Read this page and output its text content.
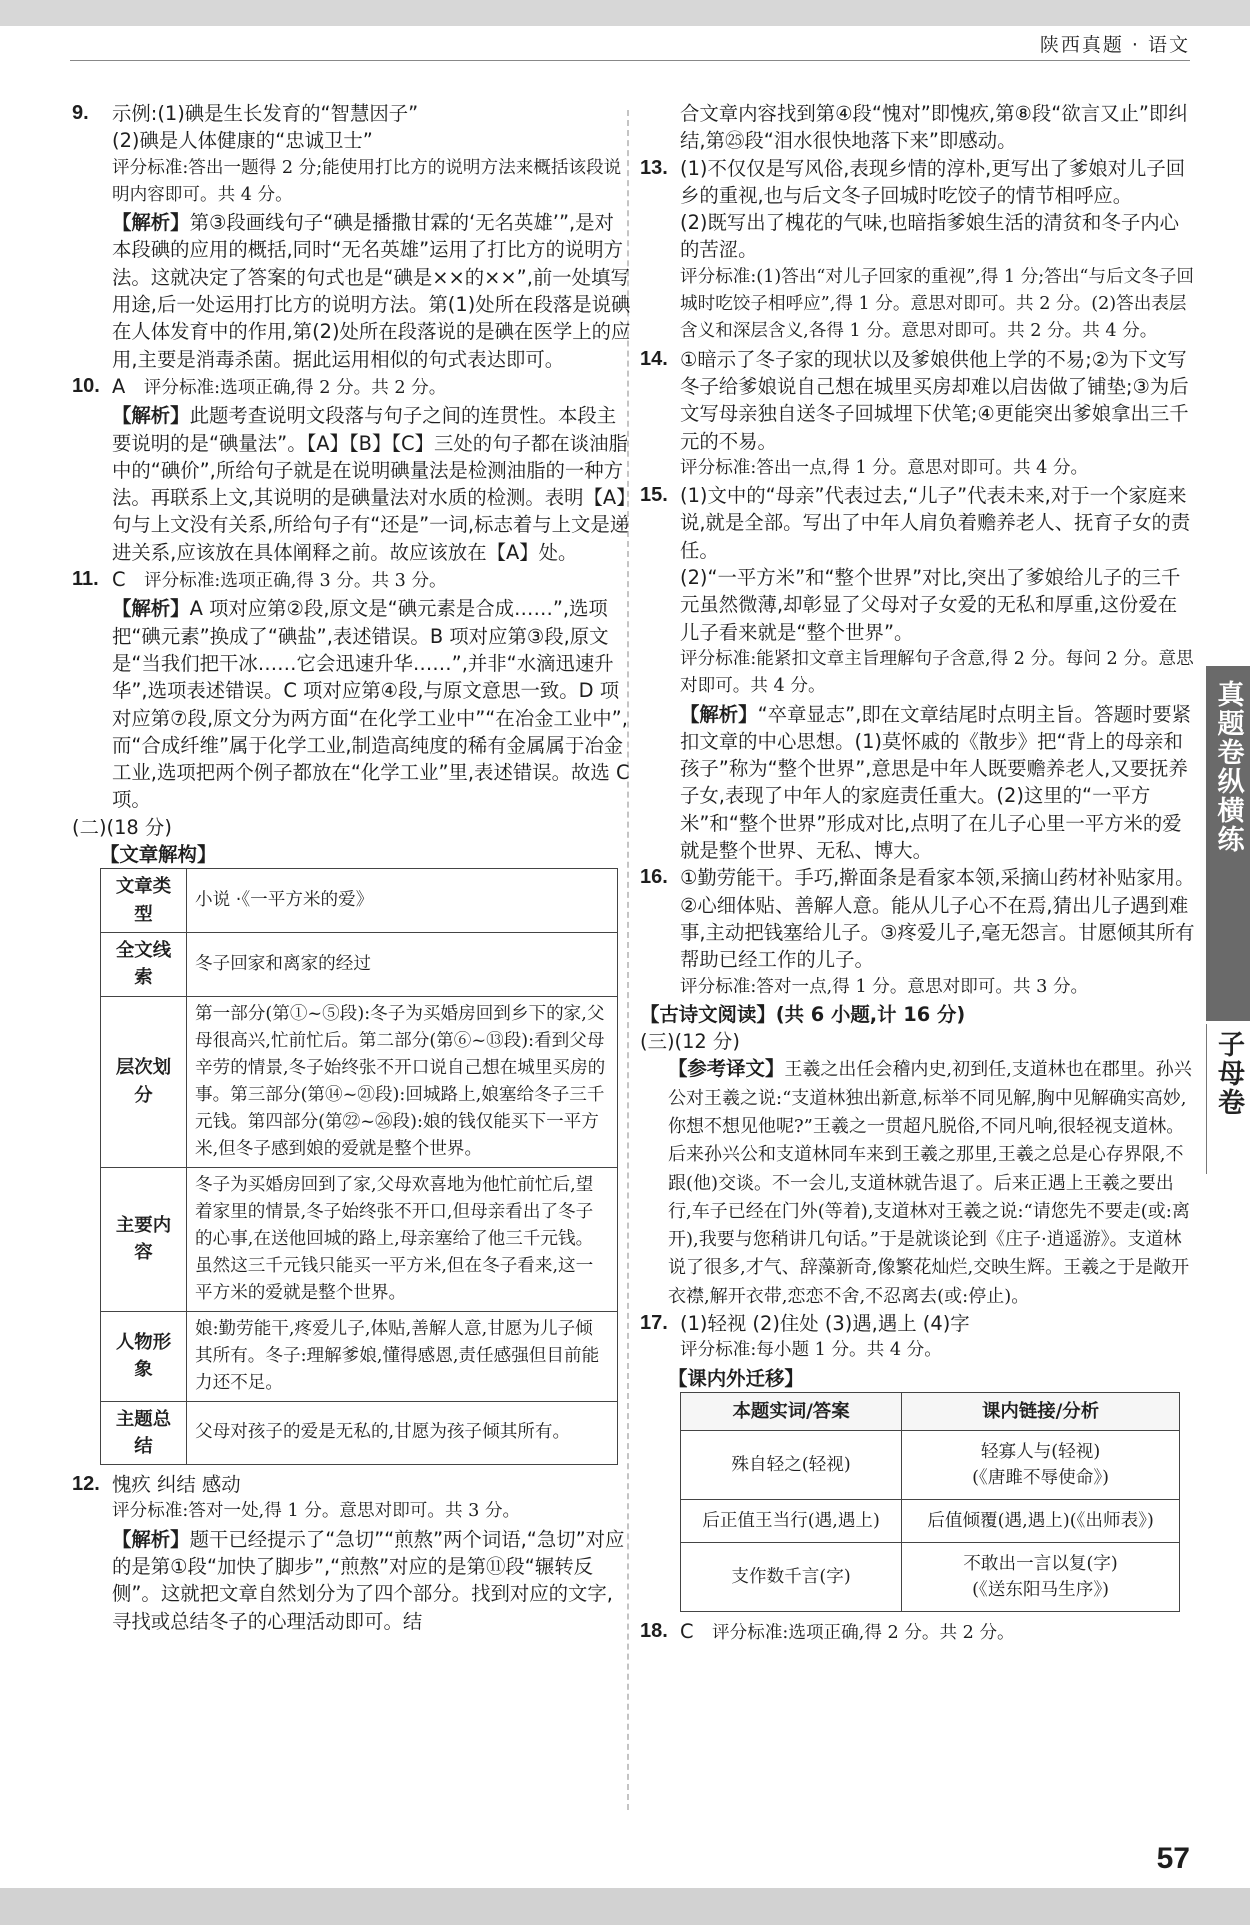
陕西真题 · 语文
9. 示例:(1)碘是生长发育的“智慧因子”

(2)碘是人体健康的“忠诚卫士”

评分标准:答出一题得 2 分;能使用打比方的说明方法来概括该段说明内容即可。共 4 分。

【解析】第③段画线句子“碘是播撒甘霖的‘无名英雄’”,是对本段碘的应用的概括,同时“无名英雄”运用了打比方的说明方法。这就决定了答案的句式也是“碘是××的××”,前一处填写用途,后一处运用打比方的说明方法。第(1)处所在段落是说碘在人体发育中的作用,第(2)处所在段落说的是碘在医学上的应用,主要是消毒杀菌。据此运用相似的句式表达即可。

10. A 评分标准:选项正确,得 2 分。共 2 分。

【解析】此题考查说明文段落与句子之间的连贯性。本段主要说明的是“碘量法”。【A】【B】【C】三处的句子都在谈油脂中的“碘价”,所给句子就是在说明碘量法是检测油脂的一种方法。再联系上文,其说明的是碘量法对水质的检测。表明【A】句与上文没有关系,所给句子有“还是”一词,标志着与上文是递进关系,应该放在具体阐释之前。故应该放在【A】处。

11. C 评分标准:选项正确,得 3 分。共 3 分。

【解析】A 项对应第②段,原文是“碘元素是合成……”,选项把“碘元素”换成了“碘盐”,表述错误。B 项对应第③段,原文是“当我们把干冰……它会迅速升华……”,并非“水滴迅速升华”,选项表述错误。C 项对应第④段,与原文意思一致。D 项对应第⑦段,原文分为两方面“在化学工业中”“在冶金工业中”,而“合成纤维”属于化学工业,制造高纯度的稀有金属属于冶金工业,选项把两个例子都放在“化学工业”里,表述错误。故选 C 项。

(二)(18 分)

【文章解构】

文章类型	小说 ·《一平方米的爱》
全文线索	冬子回家和离家的经过
层次划分	第一部分(第①~⑤段):冬子为买婚房回到乡下的家,父母很高兴,忙前忙后。第二部分(第⑥~⑬段):看到父母辛劳的情景,冬子始终张不开口说自己想在城里买房的事。第三部分(第⑭~㉑段):回城路上,娘塞给冬子三千元钱。第四部分(第㉒~㉖段):娘的钱仅能买下一平方米,但冬子感到娘的爱就是整个世界。
主要内容	冬子为买婚房回到了家,父母欢喜地为他忙前忙后,望着家里的情景,冬子始终张不开口,但母亲看出了冬子的心事,在送他回城的路上,母亲塞给了他三千元钱。虽然这三千元钱只能买一平方米,但在冬子看来,这一平方米的爱就是整个世界。
人物形象	娘:勤劳能干,疼爱儿子,体贴,善解人意,甘愿为儿子倾其所有。冬子:理解爹娘,懂得感恩,责任感强但目前能力还不足。
主题总结	父母对孩子的爱是无私的,甘愿为孩子倾其所有。
12. 愧疚 纠结 感动

评分标准:答对一处,得 1 分。意思对即可。共 3 分。

【解析】题干已经提示了“急切”“煎熬”两个词语,“急切”对应的是第①段“加快了脚步”,“煎熬”对应的是第⑪段“辗转反侧”。这就把文章自然划分为了四个部分。找到对应的文字,寻找或总结冬子的心理活动即可。结

合文章内容找到第④段“愧对”即愧疚,第⑧段“欲言又止”即纠结,第㉕段“泪水很快地落下来”即感动。

13. (1)不仅仅是写风俗,表现乡情的淳朴,更写出了爹娘对儿子回乡的重视,也与后文冬子回城时吃饺子的情节相呼应。

(2)既写出了槐花的气味,也暗指爹娘生活的清贫和冬子内心的苦涩。

评分标准:(1)答出“对儿子回家的重视”,得 1 分;答出“与后文冬子回城时吃饺子相呼应”,得 1 分。意思对即可。共 2 分。(2)答出表层含义和深层含义,各得 1 分。意思对即可。共 2 分。共 4 分。

14. ①暗示了冬子家的现状以及爹娘供他上学的不易;②为下文写冬子给爹娘说自己想在城里买房却难以启齿做了铺垫;③为后文写母亲独自送冬子回城埋下伏笔;④更能突出爹娘拿出三千元的不易。

评分标准:答出一点,得 1 分。意思对即可。共 4 分。

15. (1)文中的“母亲”代表过去,“儿子”代表未来,对于一个家庭来说,就是全部。写出了中年人肩负着赡养老人、抚育子女的责任。

(2)“一平方米”和“整个世界”对比,突出了爹娘给儿子的三千元虽然微薄,却彰显了父母对子女爱的无私和厚重,这份爱在儿子看来就是“整个世界”。

评分标准:能紧扣文章主旨理解句子含意,得 2 分。每问 2 分。意思对即可。共 4 分。

【解析】“卒章显志”,即在文章结尾时点明主旨。答题时要紧扣文章的中心思想。(1)莫怀戚的《散步》把“背上的母亲和孩子”称为“整个世界”,意思是中年人既要赡养老人,又要抚养子女,表现了中年人的家庭责任重大。(2)这里的“一平方米”和“整个世界”形成对比,点明了在儿子心里一平方米的爱就是整个世界、无私、博大。

16. ①勤劳能干。手巧,擀面条是看家本领,采摘山药材补贴家用。②心细体贴、善解人意。能从儿子心不在焉,猜出儿子遇到难事,主动把钱塞给儿子。③疼爱儿子,毫无怨言。甘愿倾其所有帮助已经工作的儿子。

评分标准:答对一点,得 1 分。意思对即可。共 3 分。

【古诗文阅读】(共 6 小题,计 16 分)

(三)(12 分)

【参考译文】王羲之出任会稽内史,初到任,支道林也在郡里。孙兴公对王羲之说:“支道林独出新意,标举不同见解,胸中见解确实高妙,你想不想见他呢?”王羲之一贯超凡脱俗,不同凡响,很轻视支道林。后来孙兴公和支道林同车来到王羲之那里,王羲之总是心存界限,不跟(他)交谈。不一会儿,支道林就告退了。后来正遇上王羲之要出行,车子已经在门外(等着),支道林对王羲之说:“请您先不要走(或:离开),我要与您稍讲几句话。”于是就谈论到《庄子·逍遥游》。支道林说了很多,才气、辞藻新奇,像繁花灿烂,交映生辉。王羲之于是敞开衣襟,解开衣带,恋恋不舍,不忍离去(或:停止)。

17. (1)轻视 (2)住处 (3)遇,遇上 (4)字

评分标准:每小题 1 分。共 4 分。

【课内外迁移】

本题实词/答案	课内链接/分析
殊自轻之(轻视)	轻寡人与(轻视)
(《唐雎不辱使命》)

后正值王当行(遇,遇上)	后值倾覆(遇,遇上)(《出师表》)

支作数千言(字)	不敢出一言以复(字)
(《送东阳马生序》)
18. C 评分标准:选项正确,得 2 分。共 2 分。

真题卷纵横练
子母卷
57
